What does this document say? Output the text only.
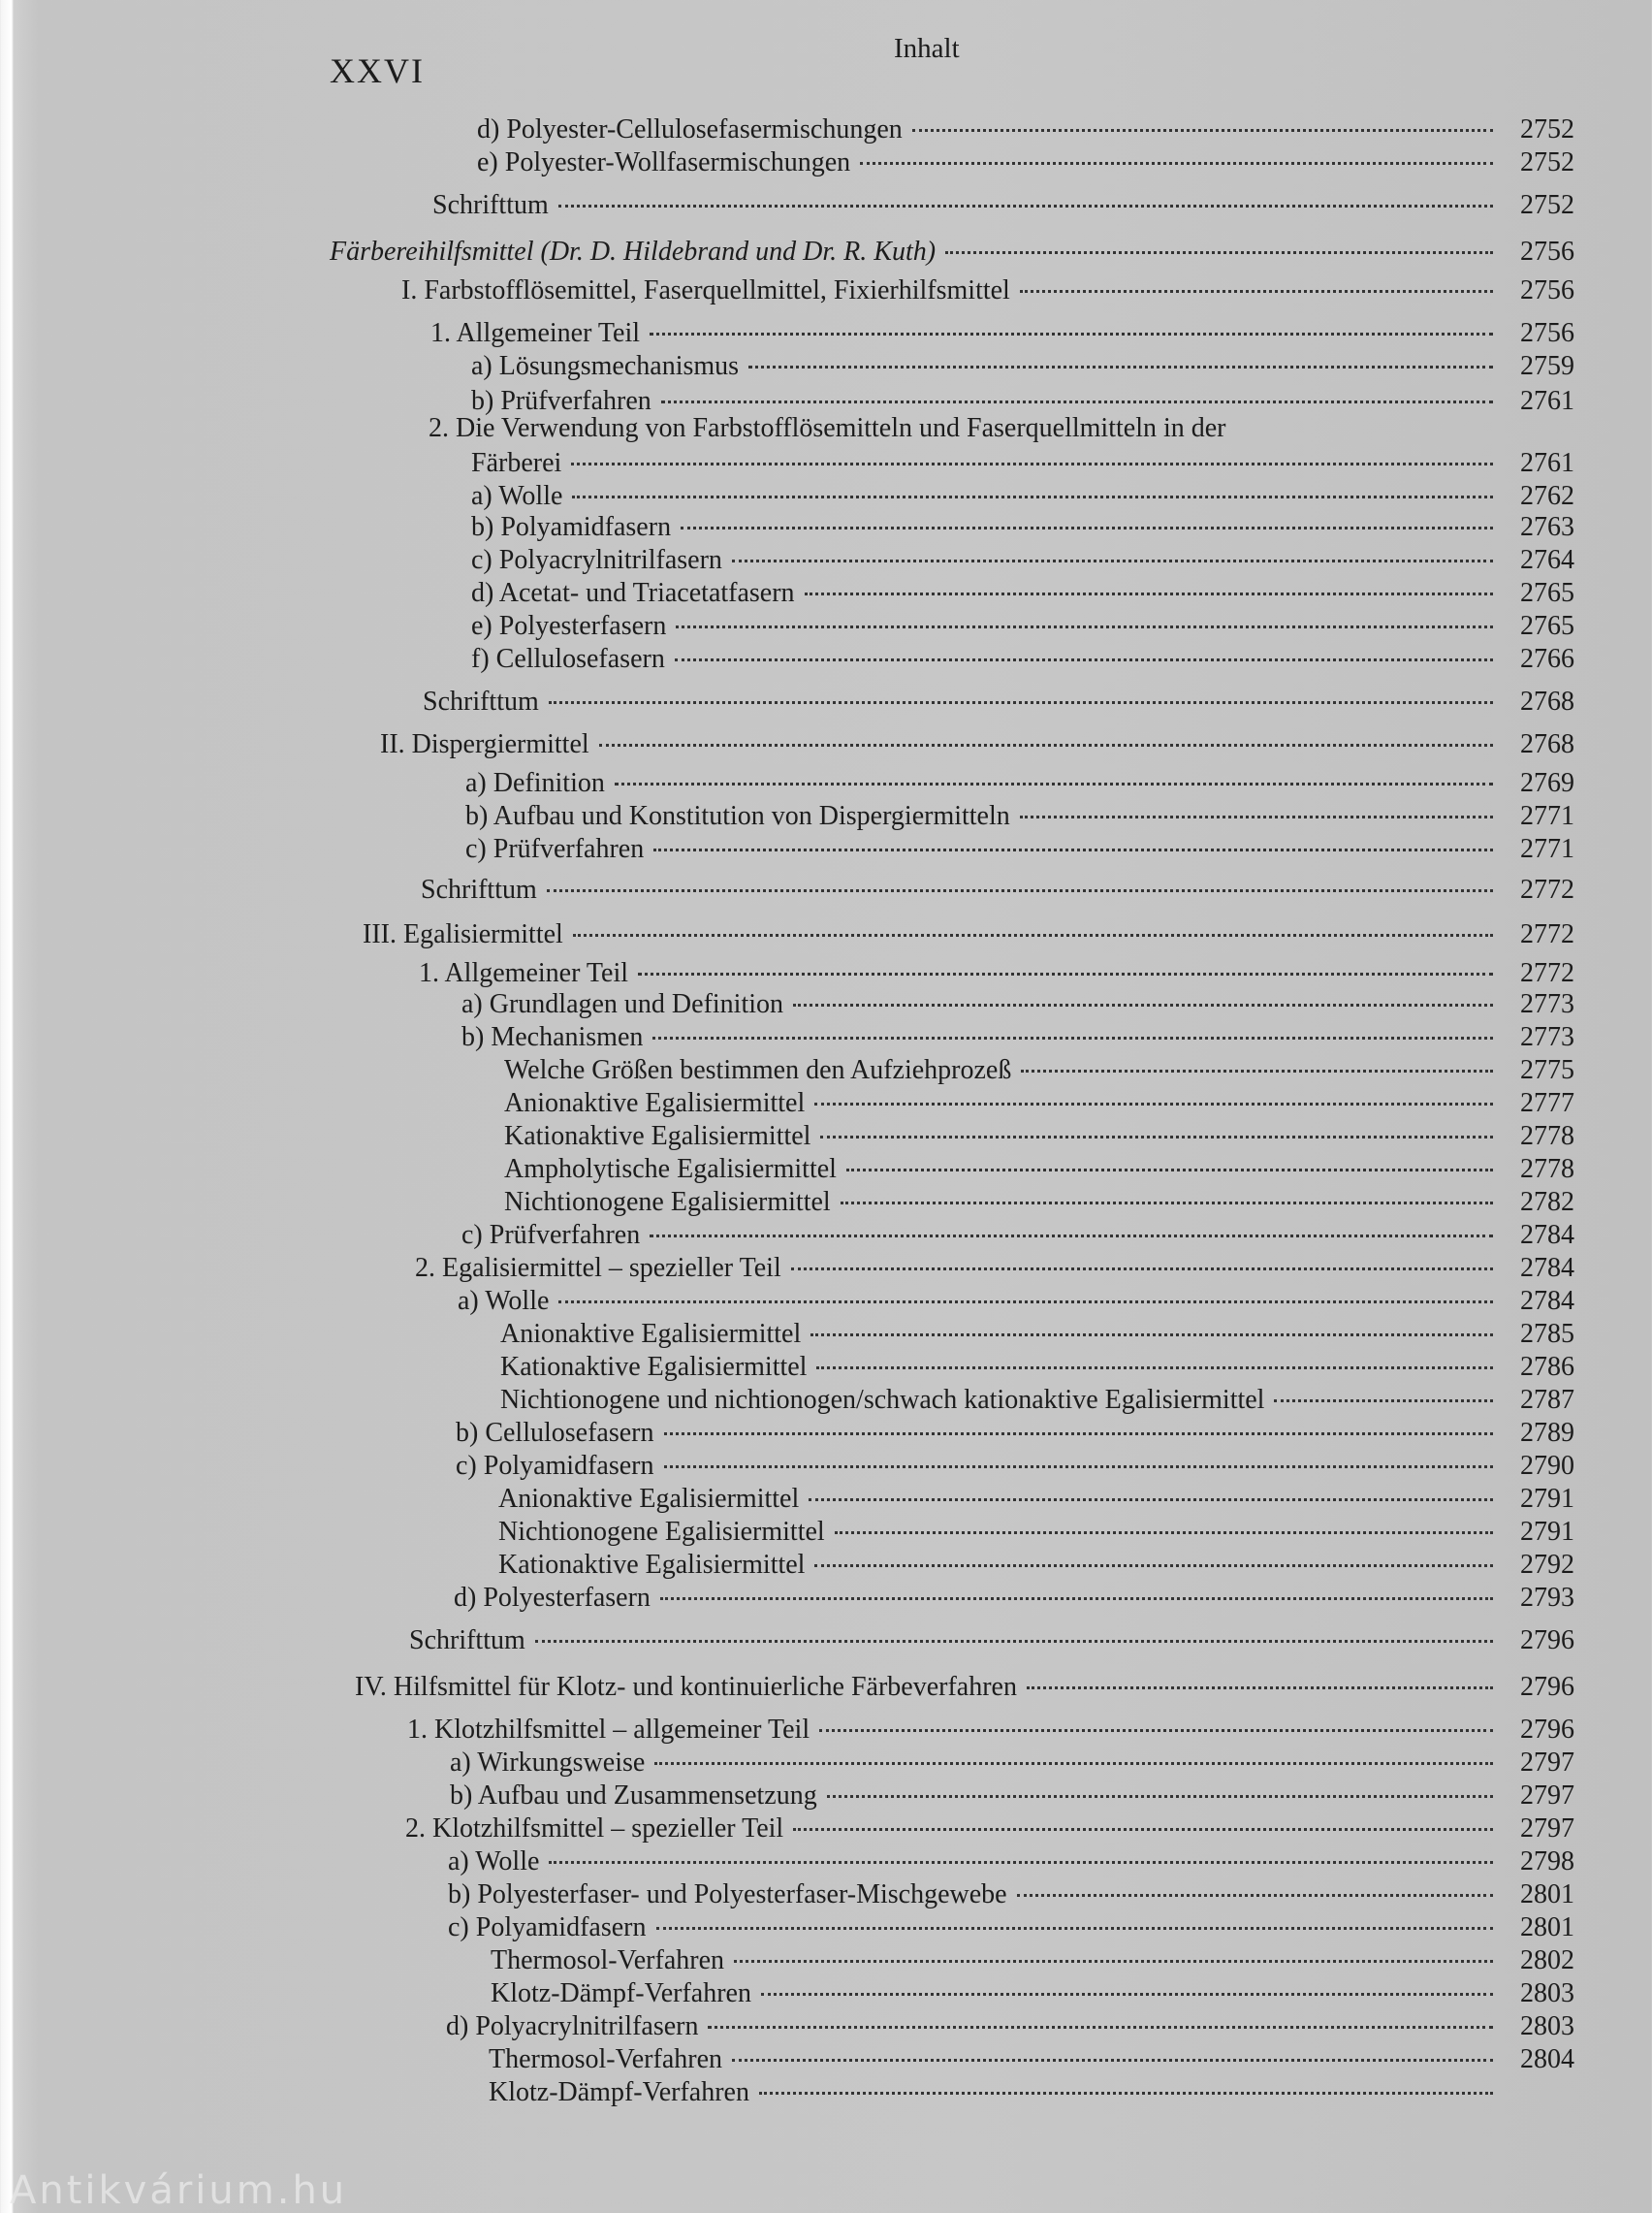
XXVI
Inhalt
d) Polyester-Cellulosefasermischungen	2752
e) Polyester-Wollfasermischungen	2752
Schrifttum	2752
Färbereihilfsmittel (Dr. D. Hildebrand und Dr. R. Kuth)	2756
I. Farbstofflösemittel, Faserquellmittel, Fixierhilfsmittel	2756
1. Allgemeiner Teil	2756
a) Lösungsmechanismus	2759
b) Prüfverfahren	2761
2. Die Verwendung von Farbstofflösemitteln und Faserquellmitteln in der
Färberei	2761
a) Wolle	2762
b) Polyamidfasern	2763
c) Polyacrylnitrilfasern	2764
d) Acetat- und Triacetatfasern	2765
e) Polyesterfasern	2765
f) Cellulosefasern	2766
Schrifttum	2768
II. Dispergiermittel	2768
a) Definition	2769
b) Aufbau und Konstitution von Dispergiermitteln	2771
c) Prüfverfahren	2771
Schrifttum	2772
III. Egalisiermittel	2772
1. Allgemeiner Teil	2772
a) Grundlagen und Definition	2773
b) Mechanismen	2773
Welche Größen bestimmen den Aufziehprozeß	2775
Anionaktive Egalisiermittel	2777
Kationaktive Egalisiermittel	2778
Ampholytische Egalisiermittel	2778
Nichtionogene Egalisiermittel	2782
c) Prüfverfahren	2784
2. Egalisiermittel – spezieller Teil	2784
a) Wolle	2784
Anionaktive Egalisiermittel	2785
Kationaktive Egalisiermittel	2786
Nichtionogene und nichtionogen/schwach kationaktive Egalisiermittel	2787
b) Cellulosefasern	2789
c) Polyamidfasern	2790
Anionaktive Egalisiermittel	2791
Nichtionogene Egalisiermittel	2791
Kationaktive Egalisiermittel	2792
d) Polyesterfasern	2793
Schrifttum	2796
IV. Hilfsmittel für Klotz- und kontinuierliche Färbeverfahren	2796
1. Klotzhilfsmittel – allgemeiner Teil	2796
a) Wirkungsweise	2797
b) Aufbau und Zusammensetzung	2797
2. Klotzhilfsmittel – spezieller Teil	2797
a) Wolle	2798
b) Polyesterfaser- und Polyesterfaser-Mischgewebe	2801
c) Polyamidfasern	2801
Thermosol-Verfahren	2802
Klotz-Dämpf-Verfahren	2803
d) Polyacrylnitrilfasern	2803
Thermosol-Verfahren	2804
Klotz-Dämpf-Verfahren
Antikvárium.hu
